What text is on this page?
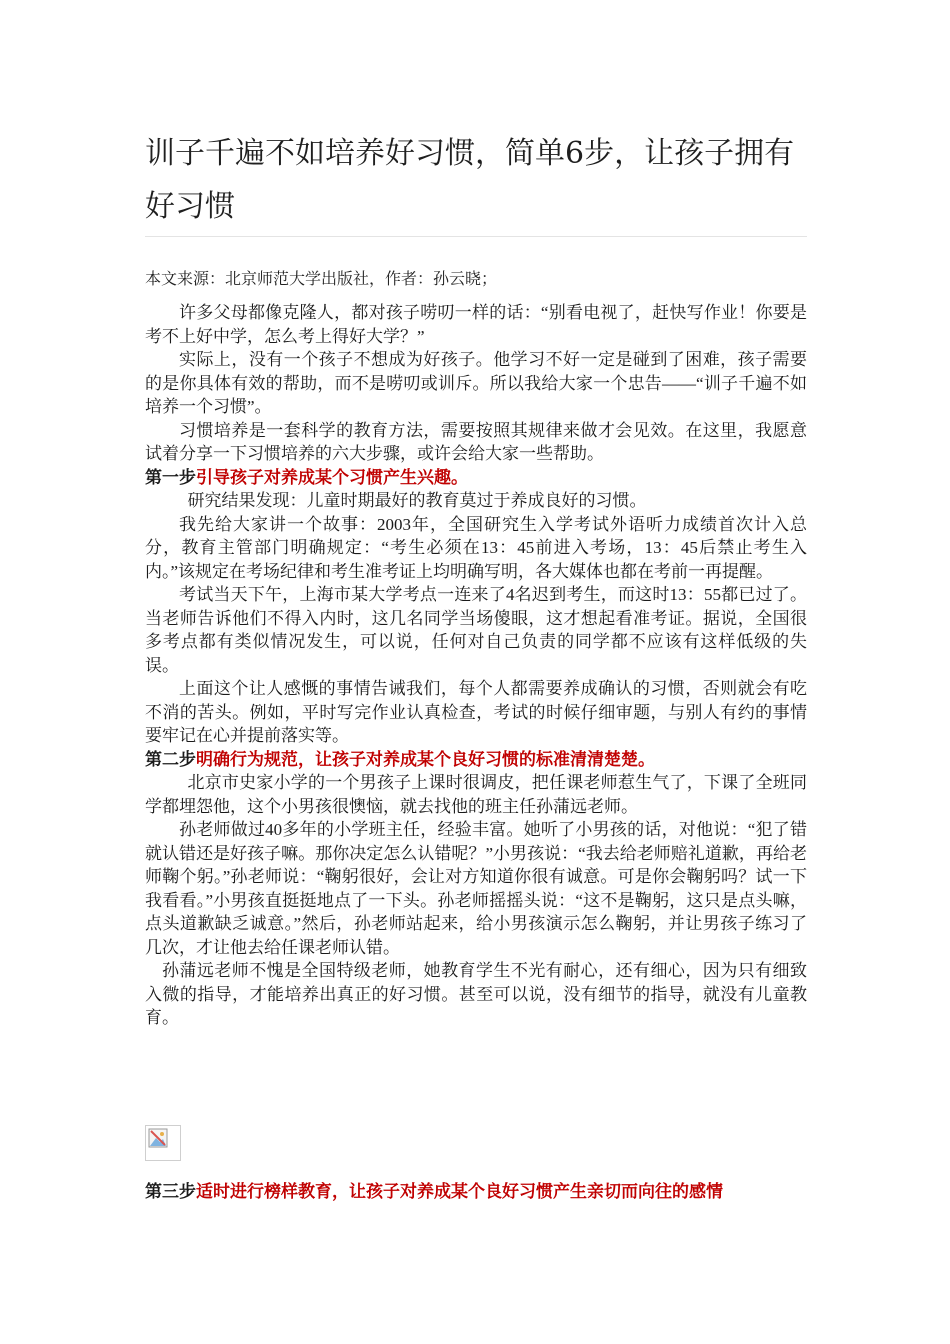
训子千遍不如培养好习惯，简单6步，让孩子拥有好习惯
本文来源：北京师范大学出版社，作者：孙云晓；

许多父母都像克隆人，都对孩子唠叨一样的话：“别看电视了，赶快写作业！你要是考不上好中学，怎么考上得好大学？”

实际上，没有一个孩子不想成为好孩子。他学习不好一定是碰到了困难，孩子需要的是你具体有效的帮助，而不是唠叨或训斥。所以我给大家一个忠告——“训子千遍不如培养一个习惯”。

习惯培养是一套科学的教育方法，需要按照其规律来做才会见效。在这里，我愿意试着分享一下习惯培养的六大步骤，或许会给大家一些帮助。

第一步引导孩子对养成某个习惯产生兴趣。

研究结果发现：儿童时期最好的教育莫过于养成良好的习惯。

我先给大家讲一个故事：2003年，全国研究生入学考试外语听力成绩首次计入总分，教育主管部门明确规定：“考生必须在13：45前进入考场，13：45后禁止考生入内。”该规定在考场纪律和考生准考证上均明确写明，各大媒体也都在考前一再提醒。

考试当天下午，上海市某大学考点一连来了4名迟到考生，而这时13：55都已过了。当老师告诉他们不得入内时，这几名同学当场傻眼，这才想起看准考证。据说，全国很多考点都有类似情况发生，可以说，任何对自己负责的同学都不应该有这样低级的失误。

上面这个让人感慨的事情告诫我们，每个人都需要养成确认的习惯，否则就会有吃不消的苦头。例如，平时写完作业认真检查，考试的时候仔细审题，与别人有约的事情要牢记在心并提前落实等。

第二步明确行为规范，让孩子对养成某个良好习惯的标准清清楚楚。

北京市史家小学的一个男孩子上课时很调皮，把任课老师惹生气了，下课了全班同学都埋怨他，这个小男孩很懊恼，就去找他的班主任孙蒲远老师。

孙老师做过40多年的小学班主任，经验丰富。她听了小男孩的话，对他说：“犯了错就认错还是好孩子嘛。那你决定怎么认错呢？”小男孩说：“我去给老师赔礼道歉，再给老师鞠个躬。”孙老师说：“鞠躬很好，会让对方知道你很有诚意。可是你会鞠躬吗？试一下我看看。”小男孩直挺挺地点了一下头。孙老师摇摇头说：“这不是鞠躬，这只是点头嘛，点头道歉缺乏诚意。”然后，孙老师站起来，给小男孩演示怎么鞠躬，并让男孩子练习了几次，才让他去给任课老师认错。

孙蒲远老师不愧是全国特级老师，她教育学生不光有耐心，还有细心，因为只有细致入微的指导，才能培养出真正的好习惯。甚至可以说，没有细节的指导，就没有儿童教育。

第三步适时进行榜样教育，让孩子对养成某个良好习惯产生亲切而向往的感情
